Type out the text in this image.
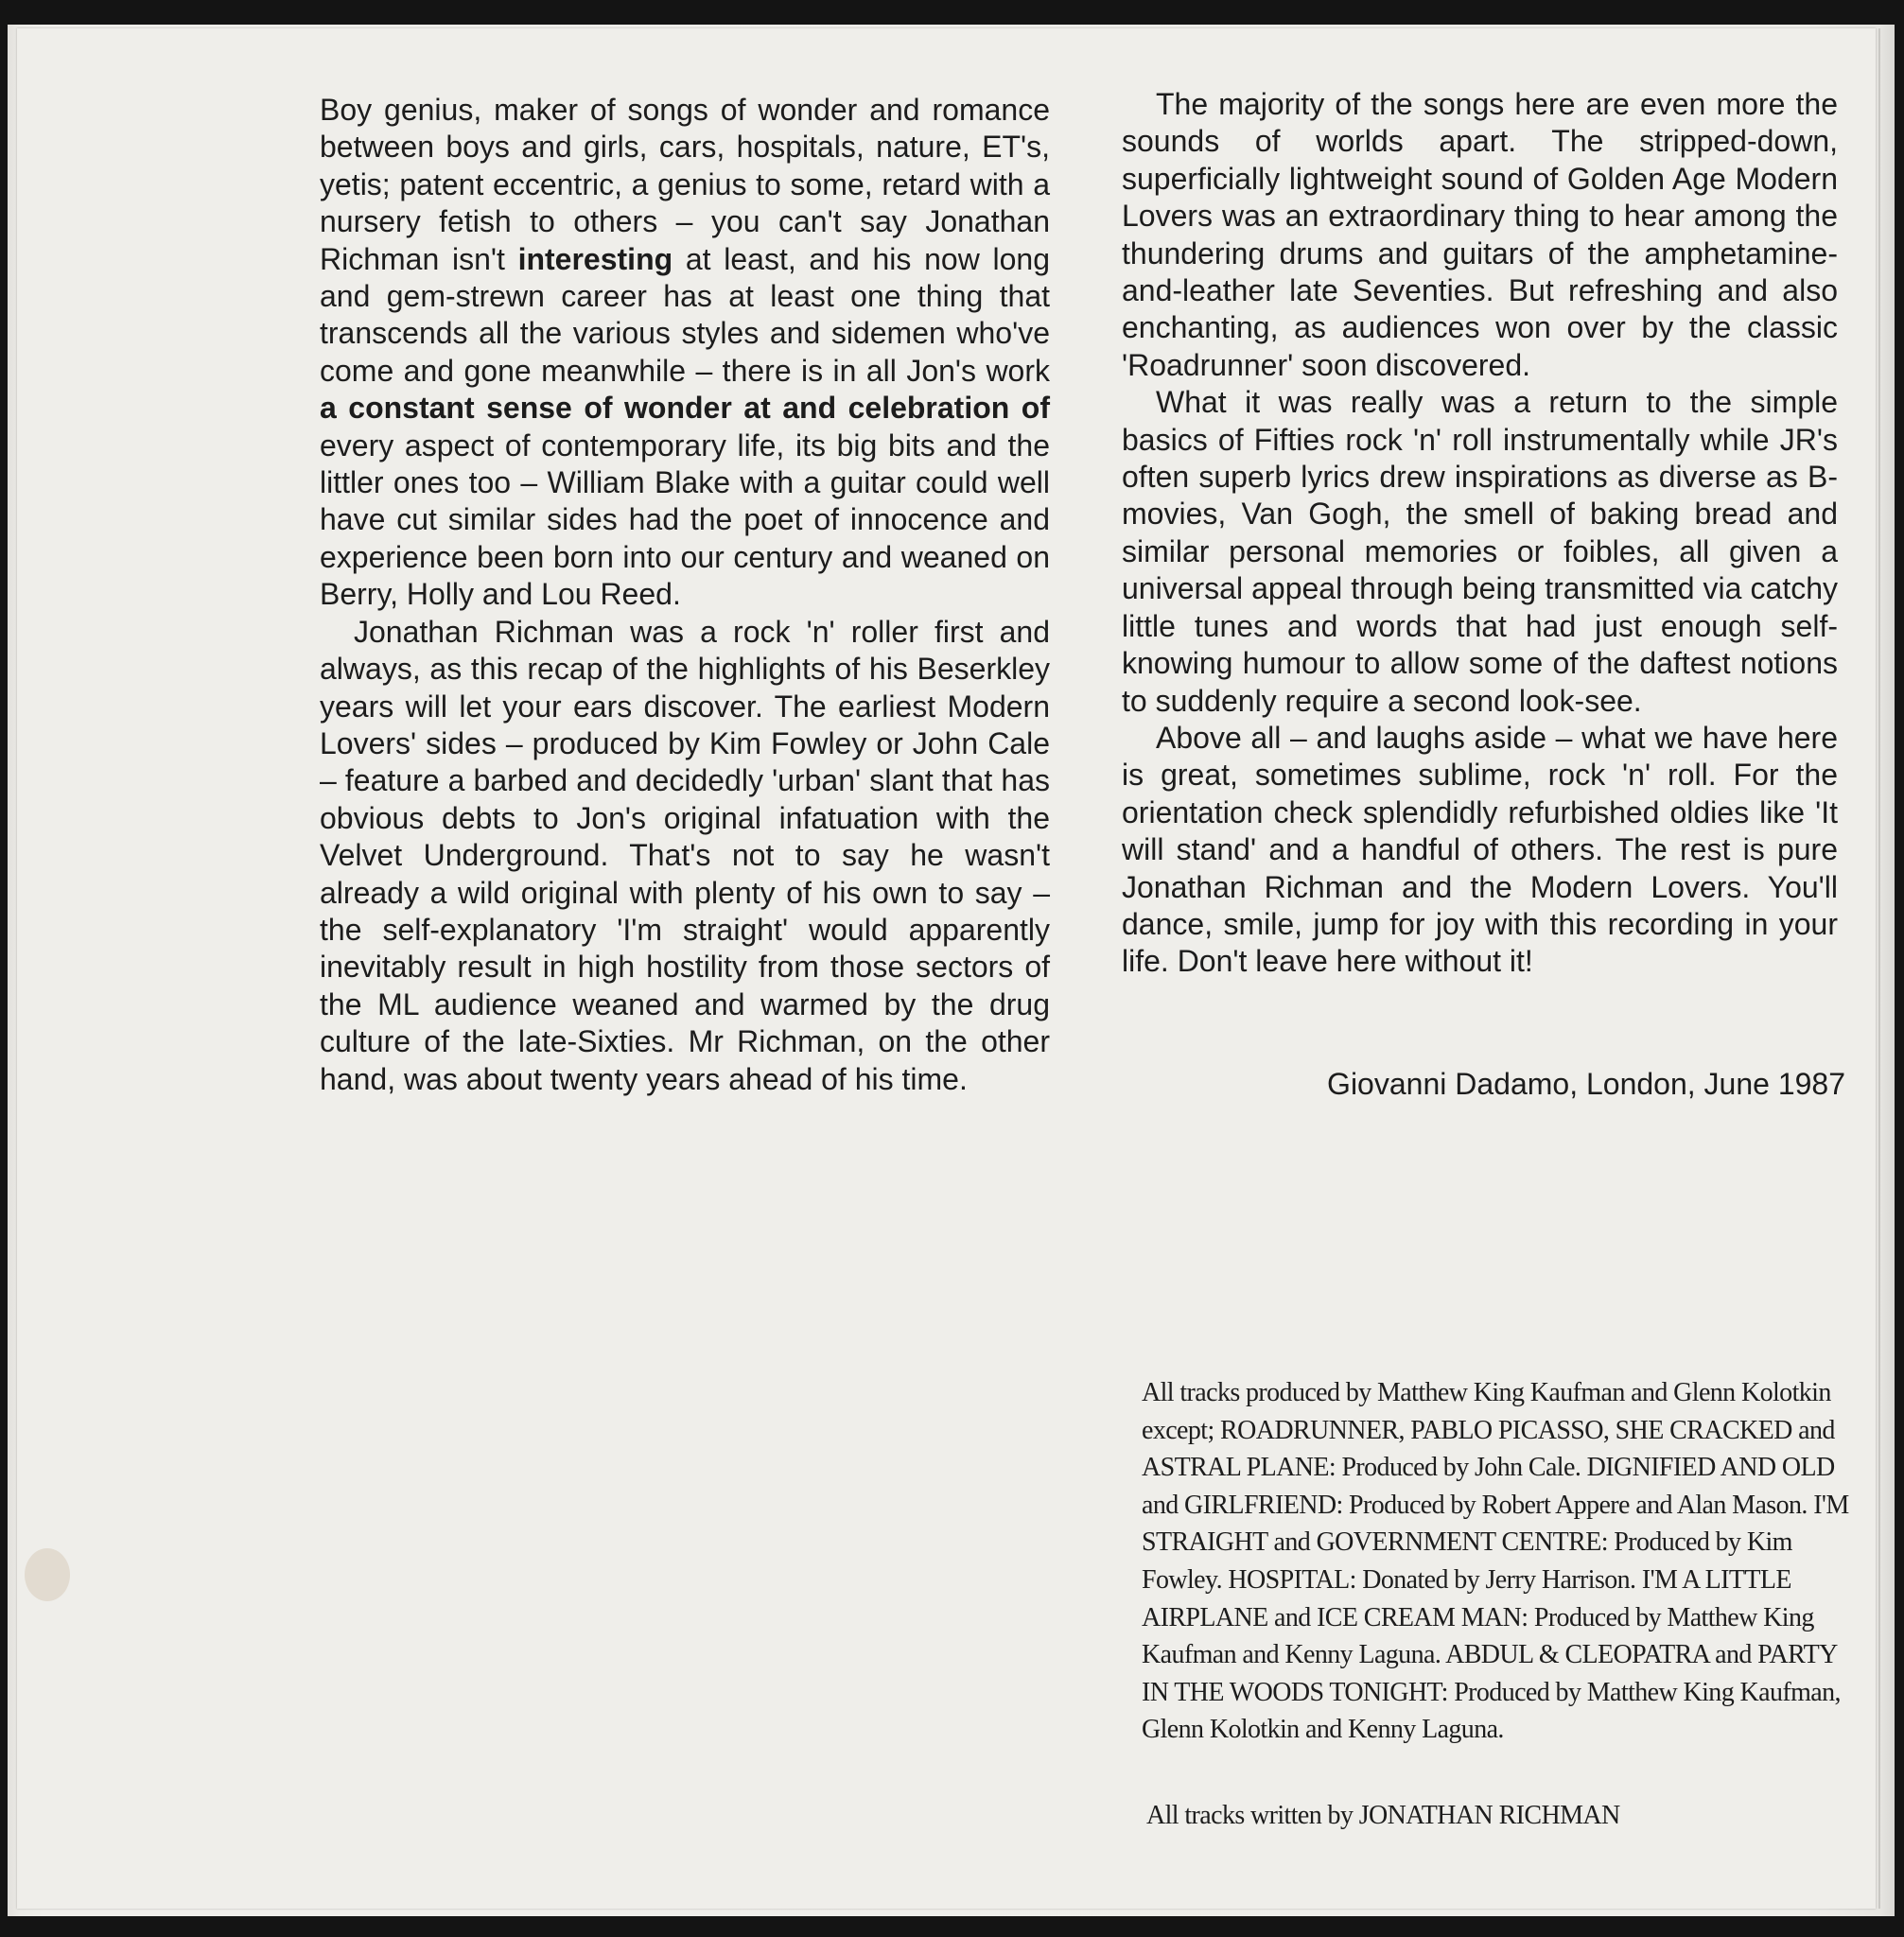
Boy genius, maker of songs of wonder and romance between boys and girls, cars, hospitals, nature, ET's, yetis; patent eccentric, a genius to some, retard with a nursery fetish to others – you can't say Jonathan Richman isn't interesting at least, and his now long and gem-strewn career has at least one thing that transcends all the various styles and sidemen who've come and gone meanwhile – there is in all Jon's work a constant sense of wonder at and celebration of every aspect of contemporary life, its big bits and the littler ones too – William Blake with a guitar could well have cut similar sides had the poet of innocence and experience been born into our century and weaned on Berry, Holly and Lou Reed.

Jonathan Richman was a rock 'n' roller first and always, as this recap of the highlights of his Beserkley years will let your ears discover. The earliest Modern Lovers' sides – produced by Kim Fowley or John Cale – feature a barbed and decidedly 'urban' slant that has obvious debts to Jon's original infatuation with the Velvet Underground. That's not to say he wasn't already a wild original with plenty of his own to say – the self-explanatory 'I'm straight' would apparently inevitably result in high hostility from those sectors of the ML audience weaned and warmed by the drug culture of the late-Sixties. Mr Richman, on the other hand, was about twenty years ahead of his time.

The majority of the songs here are even more the sounds of worlds apart. The stripped-down, superficially lightweight sound of Golden Age Modern Lovers was an extraordinary thing to hear among the thundering drums and guitars of the amphetamine-and-leather late Seventies. But refreshing and also enchanting, as audiences won over by the classic 'Roadrunner' soon discovered.

What it was really was a return to the simple basics of Fifties rock 'n' roll instrumentally while JR's often superb lyrics drew inspirations as diverse as B-movies, Van Gogh, the smell of baking bread and similar personal memories or foibles, all given a universal appeal through being transmitted via catchy little tunes and words that had just enough self-knowing humour to allow some of the daftest notions to suddenly require a second look-see.

Above all – and laughs aside – what we have here is great, sometimes sublime, rock 'n' roll. For the orientation check splendidly refurbished oldies like 'It will stand' and a handful of others. The rest is pure Jonathan Richman and the Modern Lovers. You'll dance, smile, jump for joy with this recording in your life. Don't leave here without it!

Giovanni Dadamo, London, June 1987
All tracks produced by Matthew King Kaufman and Glenn Kolotkin except; ROADRUNNER, PABLO PICASSO, SHE CRACKED and ASTRAL PLANE: Produced by John Cale. DIGNIFIED AND OLD and GIRLFRIEND: Produced by Robert Appere and Alan Mason. I'M STRAIGHT and GOVERNMENT CENTRE: Produced by Kim Fowley. HOSPITAL: Donated by Jerry Harrison. I'M A LITTLE AIRPLANE and ICE CREAM MAN: Produced by Matthew King Kaufman and Kenny Laguna. ABDUL & CLEOPATRA and PARTY IN THE WOODS TONIGHT: Produced by Matthew King Kaufman, Glenn Kolotkin and Kenny Laguna.
All tracks written by JONATHAN RICHMAN
